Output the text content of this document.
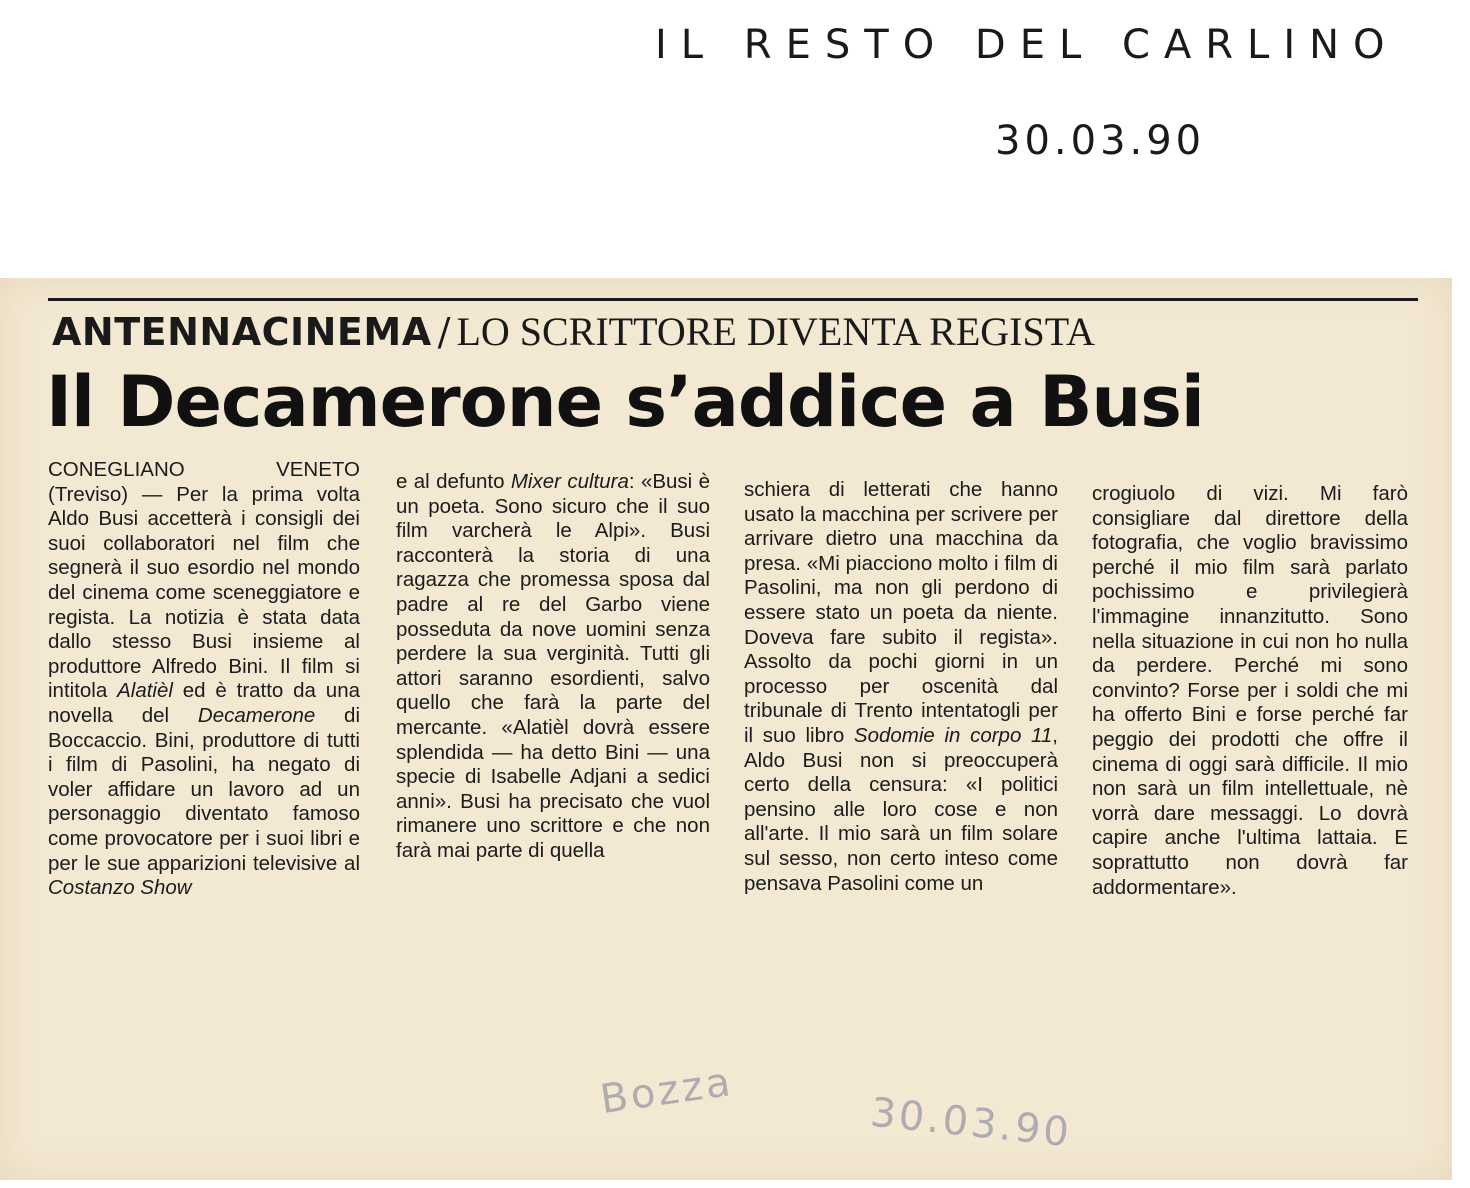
IL RESTO DEL CARLINO
30.03.90
ANTENNACINEMA / LO SCRITTORE DIVENTA REGISTA
Il Decamerone s’addice a Busi

CONEGLIANO VENETO (Treviso) — Per la prima volta Aldo Busi accetterà i consigli dei suoi collaboratori nel film che segnerà il suo esordio nel mondo del cinema come sceneggiatore e regista. La notizia è stata data dallo stesso Busi insieme al produttore Alfredo Bini. Il film si intitola Alatièl ed è tratto da una novella del Decamerone di Boccaccio. Bini, produttore di tutti i film di Pasolini, ha negato di voler affidare un lavoro ad un personaggio diventato famoso come provocatore per i suoi libri e per le sue apparizioni televisive al Costanzo Show

e al defunto Mixer cultura: «Busi è un poeta. Sono sicuro che il suo film varcherà le Alpi». Busi racconterà la storia di una ragazza che promessa sposa dal padre al re del Garbo viene posseduta da nove uomini senza perdere la sua verginità. Tutti gli attori saranno esordienti, salvo quello che farà la parte del mercante. «Alatièl dovrà essere splendida — ha detto Bini — una specie di Isabelle Adjani a sedici anni». Busi ha precisato che vuol rimanere uno scrittore e che non farà mai parte di quella

schiera di letterati che hanno usato la macchina per scrivere per arrivare dietro una macchina da presa. «Mi piacciono molto i film di Pasolini, ma non gli perdono di essere stato un poeta da niente. Doveva fare subito il regista». Assolto da pochi giorni in un processo per oscenità dal tribunale di Trento intentatogli per il suo libro Sodomie in corpo 11, Aldo Busi non si preoccuperà certo della censura: «I politici pensino alle loro cose e non all'arte. Il mio sarà un film solare sul sesso, non certo inteso come pensava Pasolini come un

crogiuolo di vizi. Mi farò consigliare dal direttore della fotografia, che voglio bravissimo perché il mio film sarà parlato pochissimo e privilegierà l'immagine innanzitutto. Sono nella situazione in cui non ho nulla da perdere. Perché mi sono convinto? Forse per i soldi che mi ha offerto Bini e forse perché far peggio dei prodotti che offre il cinema di oggi sarà difficile. Il mio non sarà un film intellettuale, nè vorrà dare messaggi. Lo dovrà capire anche l'ultima lattaia. E soprattutto non dovrà far addormentare».

Bozza	30.03.90
